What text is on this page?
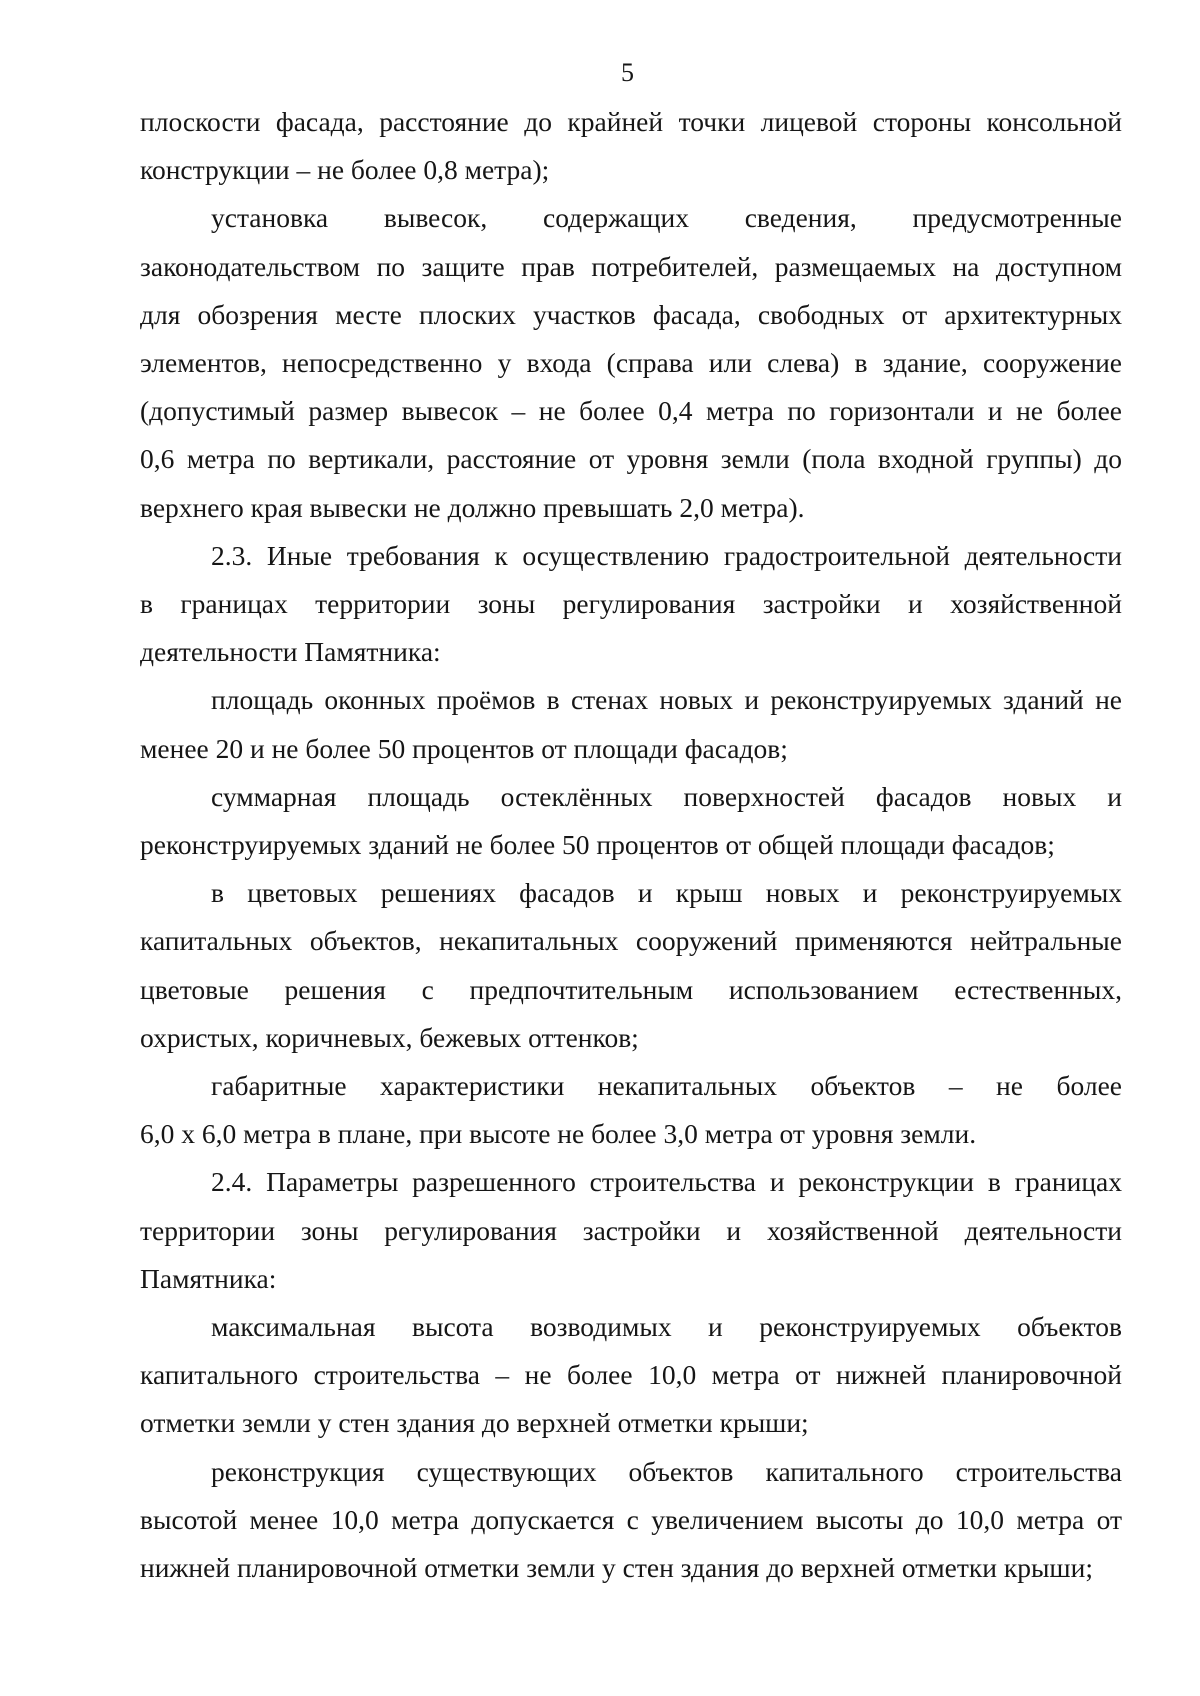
5
плоскости фасада, расстояние до крайней точки лицевой стороны консольной
конструкции – не более 0,8 метра);
установка вывесок, содержащих сведения, предусмотренные
законодательством по защите прав потребителей, размещаемых на доступном
для обозрения месте плоских участков фасада, свободных от архитектурных
элементов, непосредственно у входа (справа или слева) в здание, сооружение
(допустимый размер вывесок – не более 0,4 метра по горизонтали и не более
0,6 метра по вертикали, расстояние от уровня земли (пола входной группы) до
верхнего края вывески не должно превышать 2,0 метра).
2.3. Иные требования к осуществлению градостроительной деятельности
в границах территории зоны регулирования застройки и хозяйственной
деятельности Памятника:
площадь оконных проёмов в стенах новых и реконструируемых зданий не
менее 20 и не более 50 процентов от площади фасадов;
суммарная площадь остеклённых поверхностей фасадов новых и
реконструируемых зданий не более 50 процентов от общей площади фасадов;
в цветовых решениях фасадов и крыш новых и реконструируемых
капитальных объектов, некапитальных сооружений применяются нейтральные
цветовые решения с предпочтительным использованием естественных,
охристых, коричневых, бежевых оттенков;
габаритные характеристики некапитальных объектов – не более
6,0 x 6,0 метра в плане, при высоте не более 3,0 метра от уровня земли.
2.4. Параметры разрешенного строительства и реконструкции в границах
территории зоны регулирования застройки и хозяйственной деятельности
Памятника:
максимальная высота возводимых и реконструируемых объектов
капитального строительства – не более 10,0 метра от нижней планировочной
отметки земли у стен здания до верхней отметки крыши;
реконструкция существующих объектов капитального строительства
высотой менее 10,0 метра допускается с увеличением высоты до 10,0 метра от
нижней планировочной отметки земли у стен здания до верхней отметки крыши;
